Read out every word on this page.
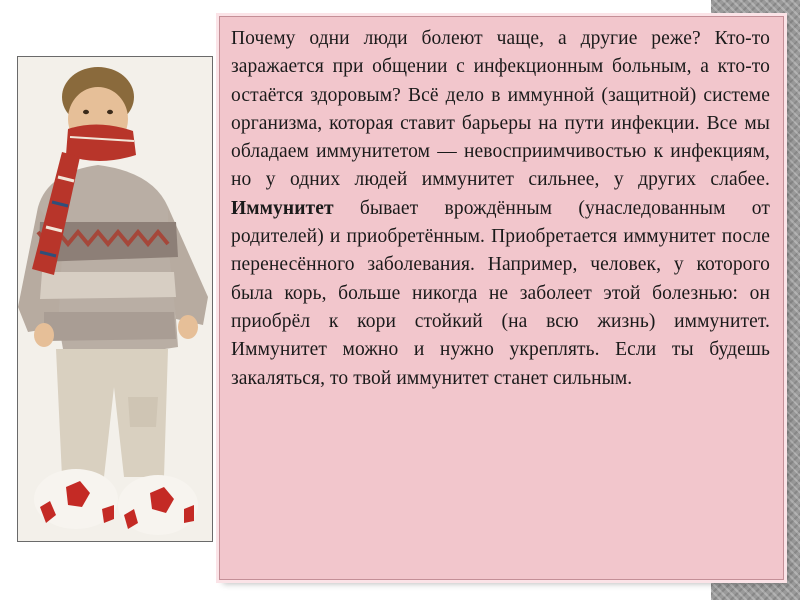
Почему одни люди болеют чаще, а другие реже? Кто-то заражается при общении с инфекционным больным, а кто-то остаётся здоровым? Всё дело в иммунной (защитной) системе организма, которая ставит барьеры на пути инфекции. Все мы обладаем иммунитетом — невосприимчивостью к инфекциям, но у одних людей иммунитет сильнее, у других слабее. Иммунитет бывает врождённым (унаследованным от родителей) и приобретённым. Приобретается иммунитет после перенесённого заболевания. Например, человек, у которого была корь, больше никогда не заболеет этой болезнью: он приобрёл к кори стойкий (на всю жизнь) иммунитет. Иммунитет можно и нужно укреплять. Если ты будешь закаляться, то твой иммунитет станет сильным.
